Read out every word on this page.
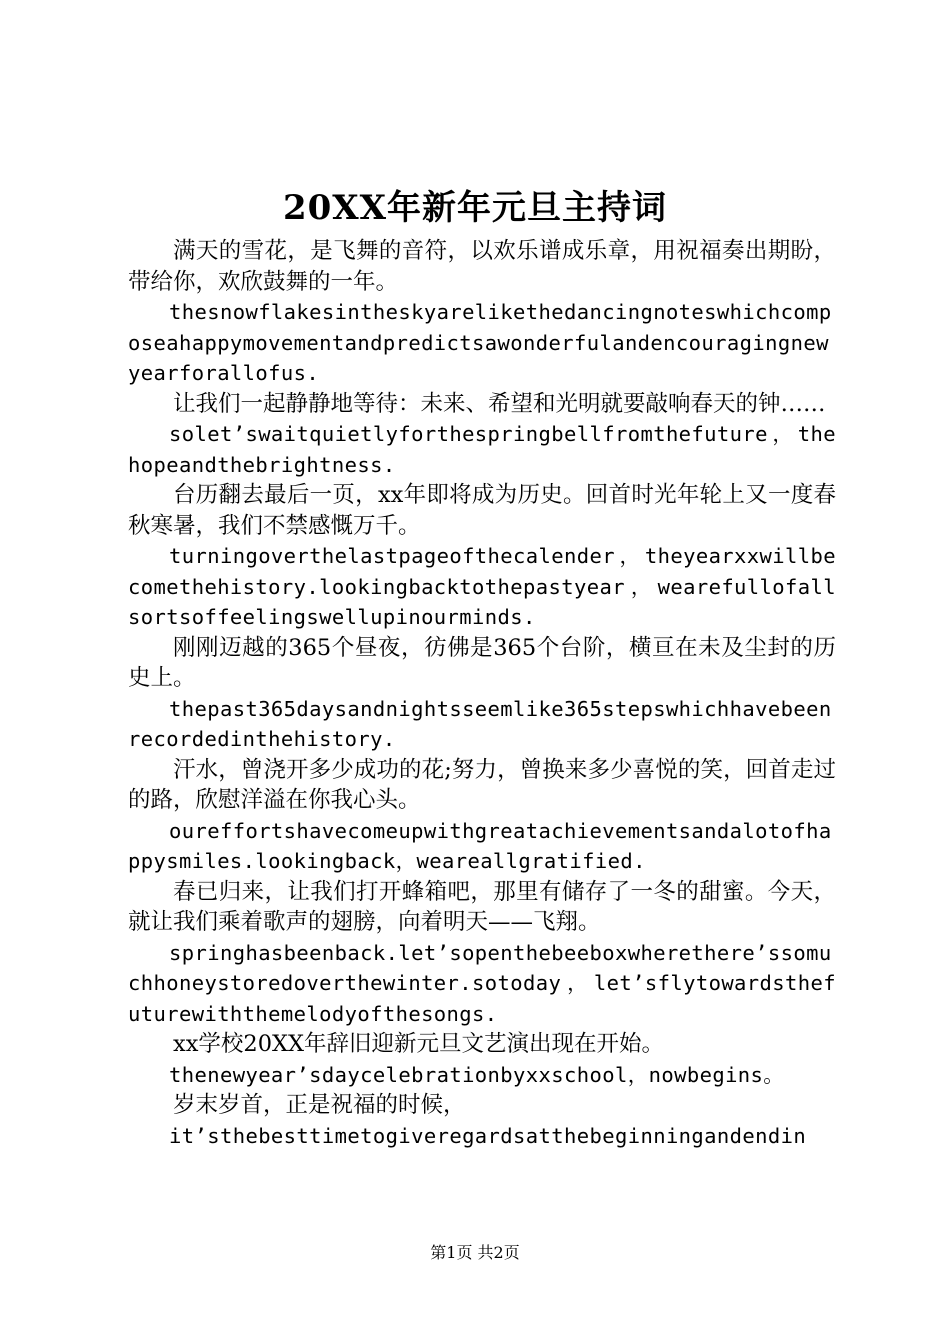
20XX年新年元旦主持词

满天的雪花，是飞舞的音符，以欢乐谱成乐章，用祝福奏出期盼，带给你，欢欣鼓舞的一年。

thesnowflakesintheskyarelikethedancingnoteswhichcomposeahappymovementandpredictsawonderfulandencouragingnewyearforallofus.

让我们一起静静地等待：未来、希望和光明就要敲响春天的钟……

solet’swaitquietlyforthespringbellfromthefuture，thehopeandthebrightness.

台历翻去最后一页，xx年即将成为历史。回首时光年轮上又一度春秋寒暑，我们不禁感慨万千。

turningoverthelastpageofthecalender，theyearxxwillbecomethehistory.lookingbacktothepastyear，wearefullofallsortsoffeelingswellupinourminds.

刚刚迈越的365个昼夜，彷佛是365个台阶，横亘在未及尘封的历史上。

thepast365daysandnightsseemlike365stepswhichhavebeenrecordedinthehistory.

汗水，曾浇开多少成功的花;努力，曾换来多少喜悦的笑，回首走过的路，欣慰洋溢在你我心头。

oureffortshavecomeupwithgreatachievementsandalotofhappysmiles.lookingback，weareallgratified.

春已归来，让我们打开蜂箱吧，那里有储存了一冬的甜蜜。今天，就让我们乘着歌声的翅膀，向着明天——飞翔。

springhasbeenback.let’sopenthebeeboxwherethere’ssomuchhoneystoredoverthewinter.sotoday，let’sflytowardsthefuturewiththemelodyofthesongs.

xx学校20XX年辞旧迎新元旦文艺演出现在开始。

thenewyear’sdaycelebrationbyxxschool，nowbegins。

岁末岁首，正是祝福的时候，

it’sthebesttimetogiveregardsatthebeginningandendin

第1页 共2页
